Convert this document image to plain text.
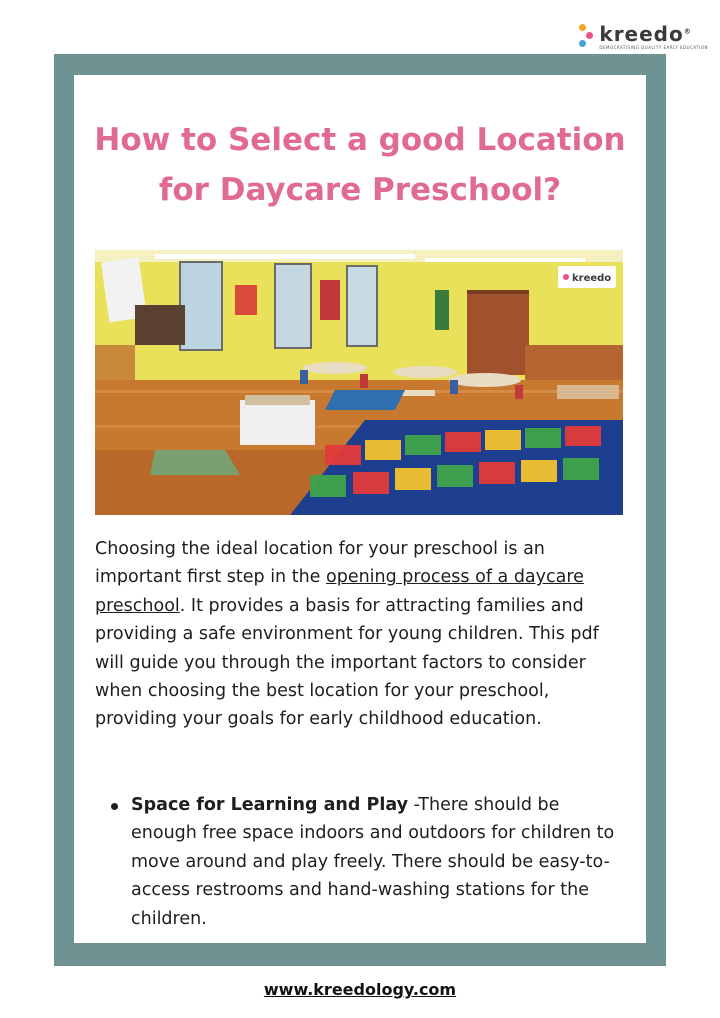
kreedo®
DEMOCRATISING QUALITY EARLY EDUCATION
How to Select a good Location
for Daycare Preschool?
kreedo

Choosing the ideal location for your preschool is an important first step in the opening process of a daycare preschool. It provides a basis for attracting families and providing a safe environment for young children. This pdf will guide you through the important factors to consider when choosing the best location for your preschool, providing your goals for early childhood education.

Space for Learning and Play -There should be enough free space indoors and outdoors for children to move around and play freely. There should be easy-to-access restrooms and hand-washing stations for the children.
www.kreedology.com
